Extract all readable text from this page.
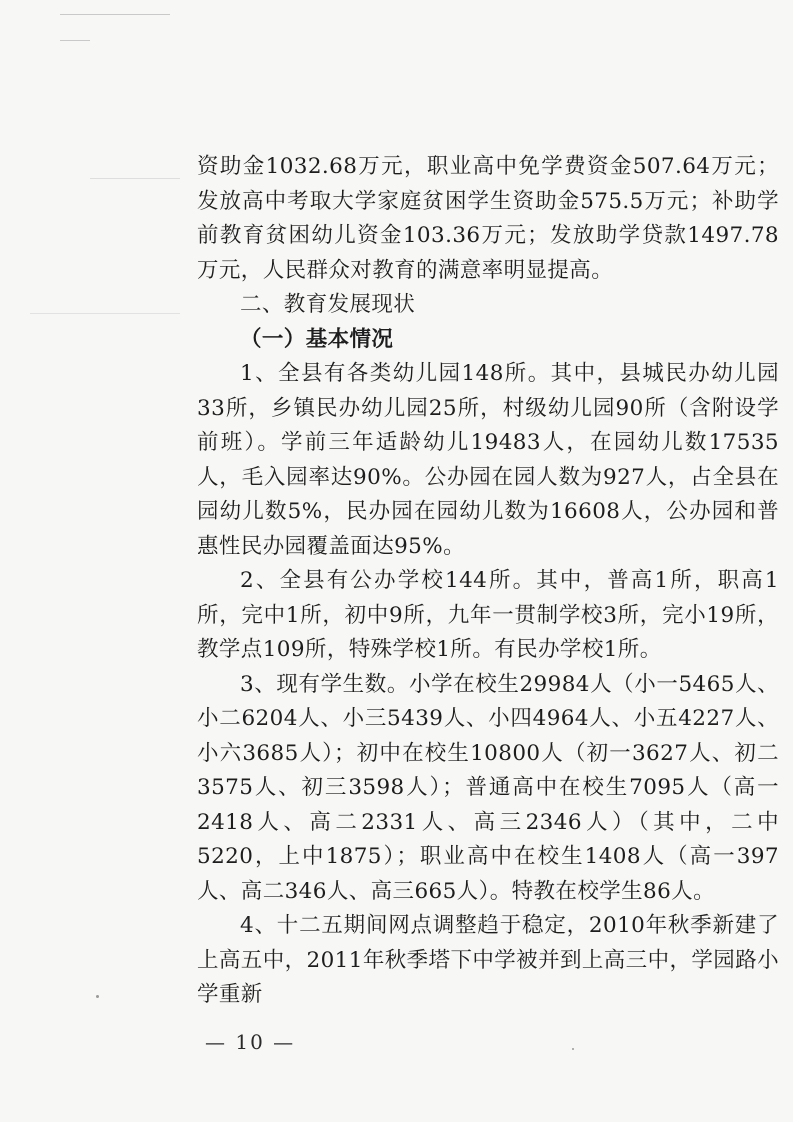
资助金1032.68万元，职业高中免学费资金507.64万元；发放高中考取大学家庭贫困学生资助金575.5万元；补助学前教育贫困幼儿资金103.36万元；发放助学贷款1497.78万元，人民群众对教育的满意率明显提高。

二、教育发展现状

（一）基本情况

1、全县有各类幼儿园148所。其中，县城民办幼儿园33所，乡镇民办幼儿园25所，村级幼儿园90所（含附设学前班）。学前三年适龄幼儿19483人，在园幼儿数17535人，毛入园率达90%。公办园在园人数为927人，占全县在园幼儿数5%，民办园在园幼儿数为16608人，公办园和普惠性民办园覆盖面达95%。

2、全县有公办学校144所。其中，普高1所，职高1所，完中1所，初中9所，九年一贯制学校3所，完小19所，教学点109所，特殊学校1所。有民办学校1所。

3、现有学生数。小学在校生29984人（小一5465人、小二6204人、小三5439人、小四4964人、小五4227人、小六3685人）；初中在校生10800人（初一3627人、初二3575人、初三3598人）；普通高中在校生7095人（高一2418人、高二2331人、高三2346人）（其中，二中5220，上中1875）；职业高中在校生1408人（高一397人、高二346人、高三665人）。特教在校学生86人。

4、十二五期间网点调整趋于稳定，2010年秋季新建了上高五中，2011年秋季塔下中学被并到上高三中，学园路小学重新

— 10 —
